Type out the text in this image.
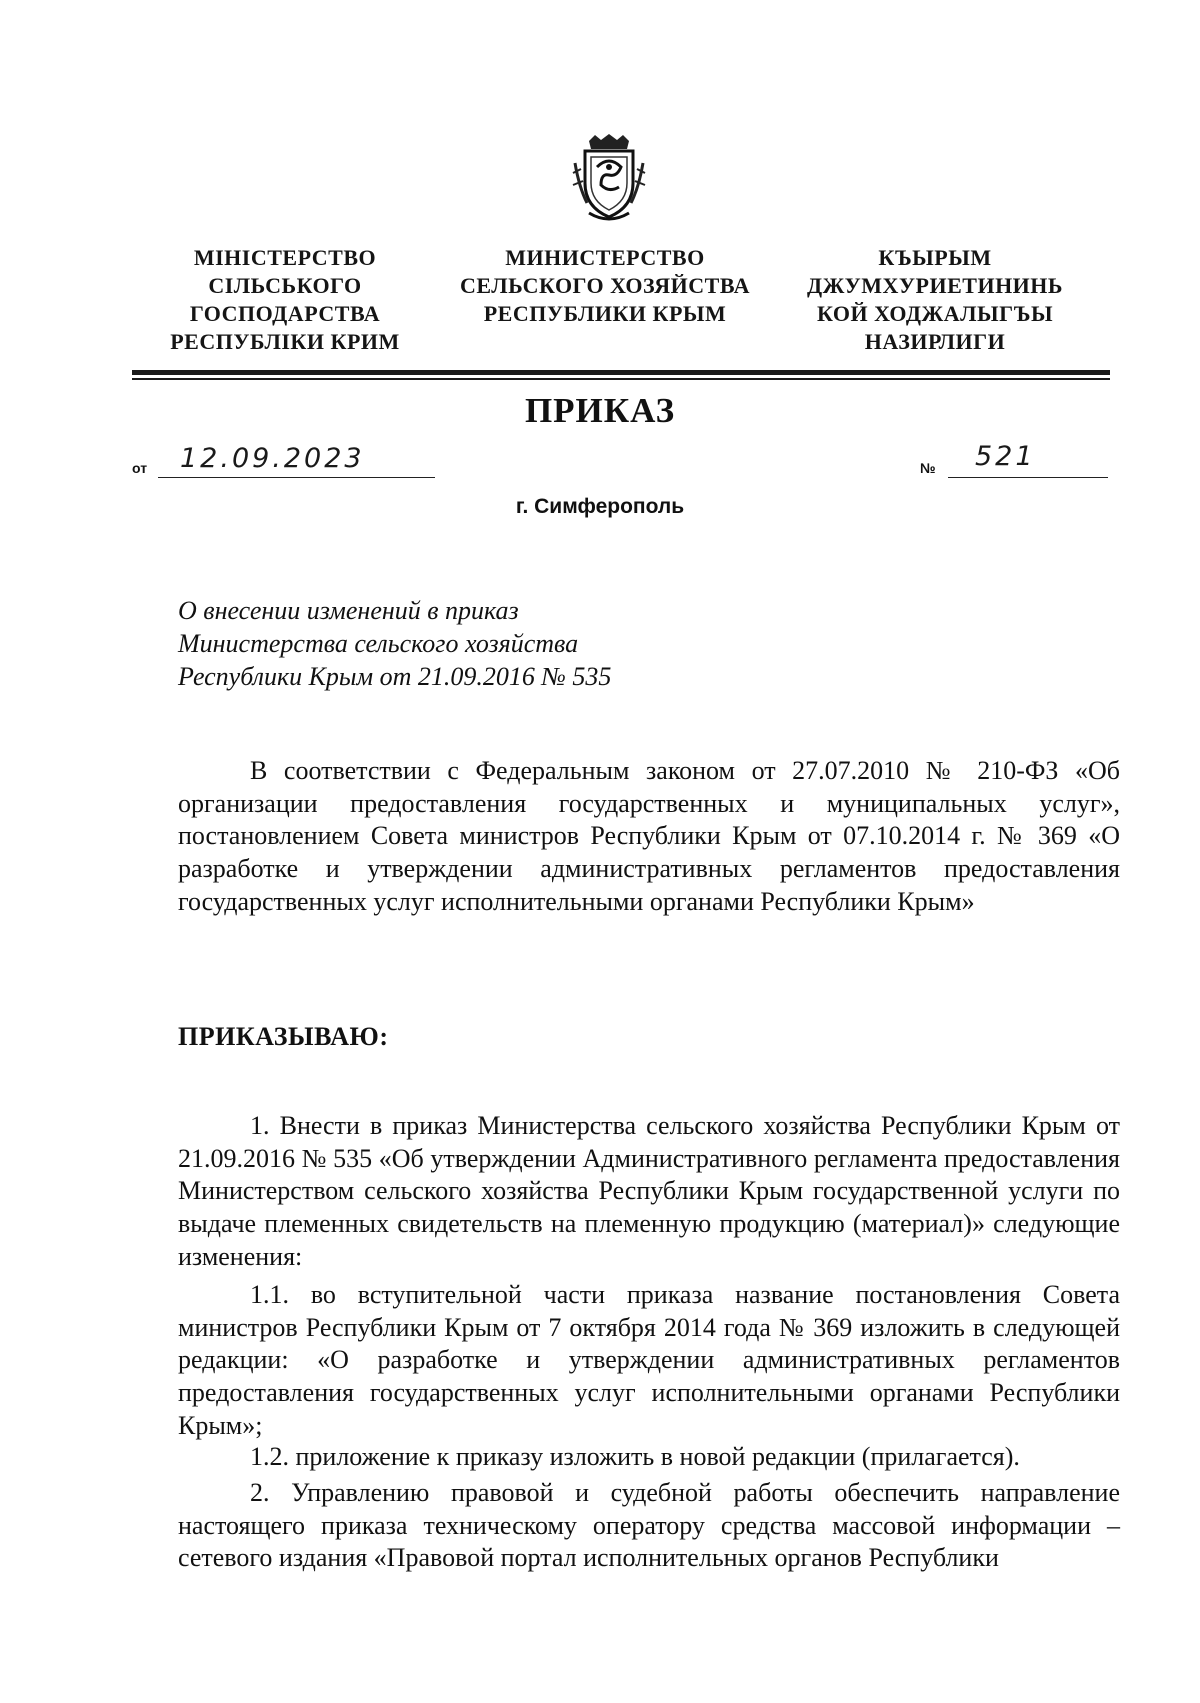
МІНІСТЕРСТВО
СІЛЬСЬКОГО
ГОСПОДАРСТВА
РЕСПУБЛІКИ КРИМ
МИНИСТЕРСТВО
СЕЛЬСКОГО ХОЗЯЙСТВА
РЕСПУБЛИКИ КРЫМ
КЪЫРЫМ
ДЖУМХУРИЕТИНИНЬ
КОЙ ХОДЖАЛЫГЪЫ
НАЗИРЛИГИ
ПРИКАЗ
от 12.09.2023	№ 521
г. Симферополь
О внесении изменений в приказ
Министерства сельского хозяйства
Республики Крым от 21.09.2016 № 535
В соответствии с Федеральным законом от 27.07.2010 № 210-ФЗ «Об организации предоставления государственных и муниципальных услуг», постановлением Совета министров Республики Крым от 07.10.2014 г. № 369 «О разработке и утверждении административных регламентов предоставления государственных услуг исполнительными органами Республики Крым»
ПРИКАЗЫВАЮ:
1. Внести в приказ Министерства сельского хозяйства Республики Крым от 21.09.2016 № 535 «Об утверждении Административного регламента предоставления Министерством сельского хозяйства Республики Крым государственной услуги по выдаче племенных свидетельств на племенную продукцию (материал)» следующие изменения:
1.1. во вступительной части приказа название постановления Совета министров Республики Крым от 7 октября 2014 года № 369 изложить в следующей редакции: «О разработке и утверждении административных регламентов предоставления государственных услуг исполнительными органами Республики Крым»;
1.2. приложение к приказу изложить в новой редакции (прилагается).
2. Управлению правовой и судебной работы обеспечить направление настоящего приказа техническому оператору средства массовой информации – сетевого издания «Правовой портал исполнительных органов Республики
